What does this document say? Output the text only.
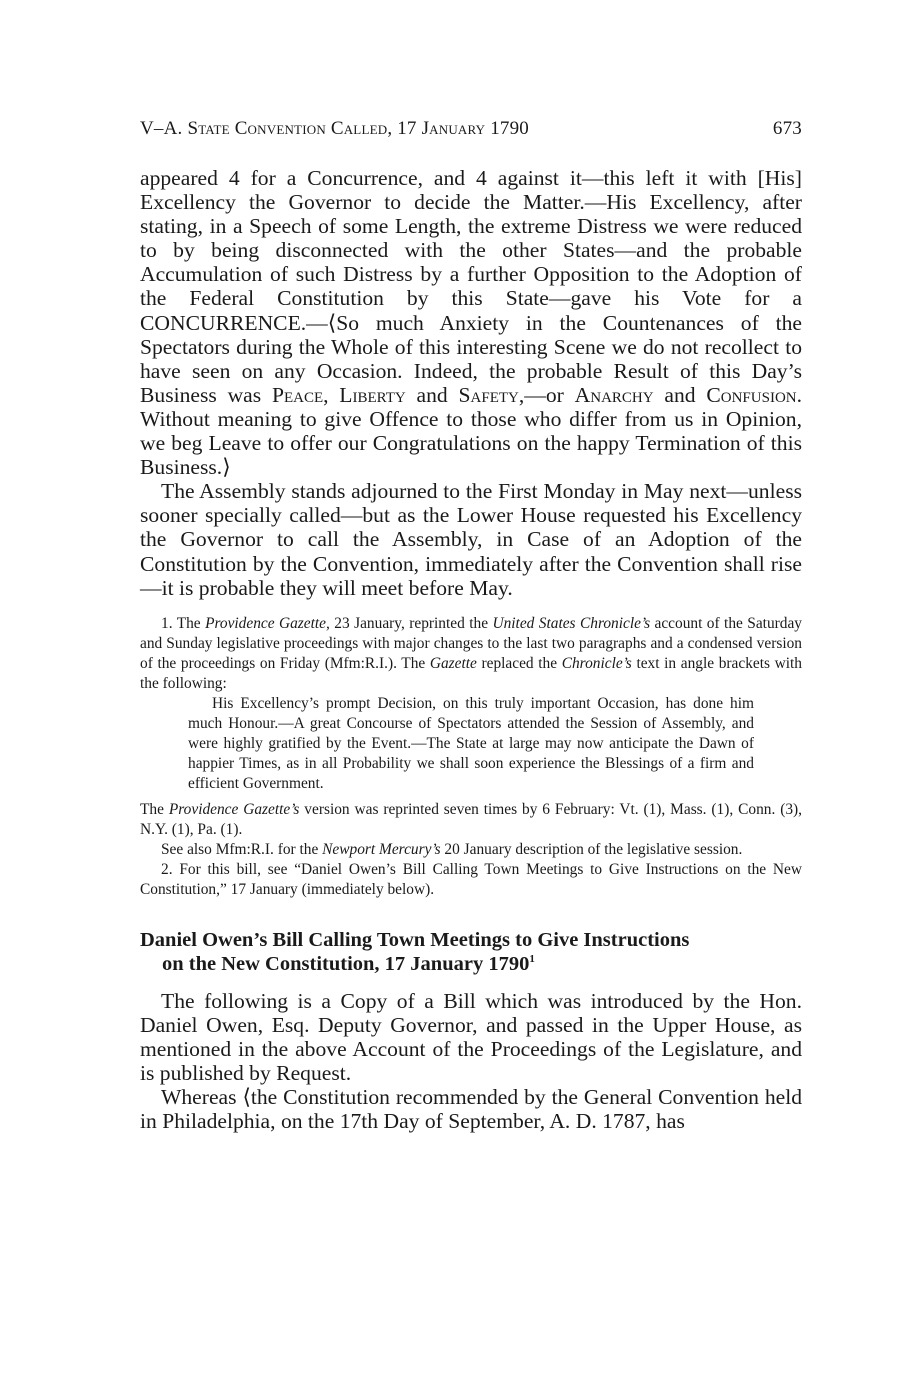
V–A. State Convention Called, 17 January 1790	673

appeared 4 for a Concurrence, and 4 against it—this left it with [His] Excellency the Governor to decide the Matter.—His Excellency, after stating, in a Speech of some Length, the extreme Distress we were reduced to by being disconnected with the other States—and the probable Accumulation of such Distress by a further Opposition to the Adoption of the Federal Constitution by this State—gave his Vote for a CONCURRENCE.—⟨So much Anxiety in the Countenances of the Spectators during the Whole of this interesting Scene we do not recollect to have seen on any Occasion. Indeed, the probable Result of this Day’s Business was Peace, Liberty and Safety,—or Anarchy and Confusion. Without meaning to give Offence to those who differ from us in Opinion, we beg Leave to offer our Congratulations on the happy Termination of this Business.⟩

The Assembly stands adjourned to the First Monday in May next—unless sooner specially called—but as the Lower House requested his Excellency the Governor to call the Assembly, in Case of an Adoption of the Constitution by the Convention, immediately after the Convention shall rise—it is probable they will meet before May.

1. The Providence Gazette, 23 January, reprinted the United States Chronicle’s account of the Saturday and Sunday legislative proceedings with major changes to the last two paragraphs and a condensed version of the proceedings on Friday (Mfm:R.I.). The Gazette replaced the Chronicle’s text in angle brackets with the following:

His Excellency’s prompt Decision, on this truly important Occasion, has done him much Honour.—A great Concourse of Spectators attended the Session of Assembly, and were highly gratified by the Event.—The State at large may now anticipate the Dawn of happier Times, as in all Probability we shall soon experience the Blessings of a firm and efficient Government.

The Providence Gazette’s version was reprinted seven times by 6 February: Vt. (1), Mass. (1), Conn. (3), N.Y. (1), Pa. (1).

See also Mfm:R.I. for the Newport Mercury’s 20 January description of the legislative session.

2. For this bill, see “Daniel Owen’s Bill Calling Town Meetings to Give Instructions on the New Constitution,” 17 January (immediately below).

Daniel Owen’s Bill Calling Town Meetings to Give Instructions
on the New Constitution, 17 January 1790$^1$

The following is a Copy of a Bill which was introduced by the Hon. Daniel Owen, Esq. Deputy Governor, and passed in the Upper House, as mentioned in the above Account of the Proceedings of the Legislature, and is published by Request.

Whereas ⟨the Constitution recommended by the General Convention held in Philadelphia, on the 17th Day of September, A. D. 1787, has
